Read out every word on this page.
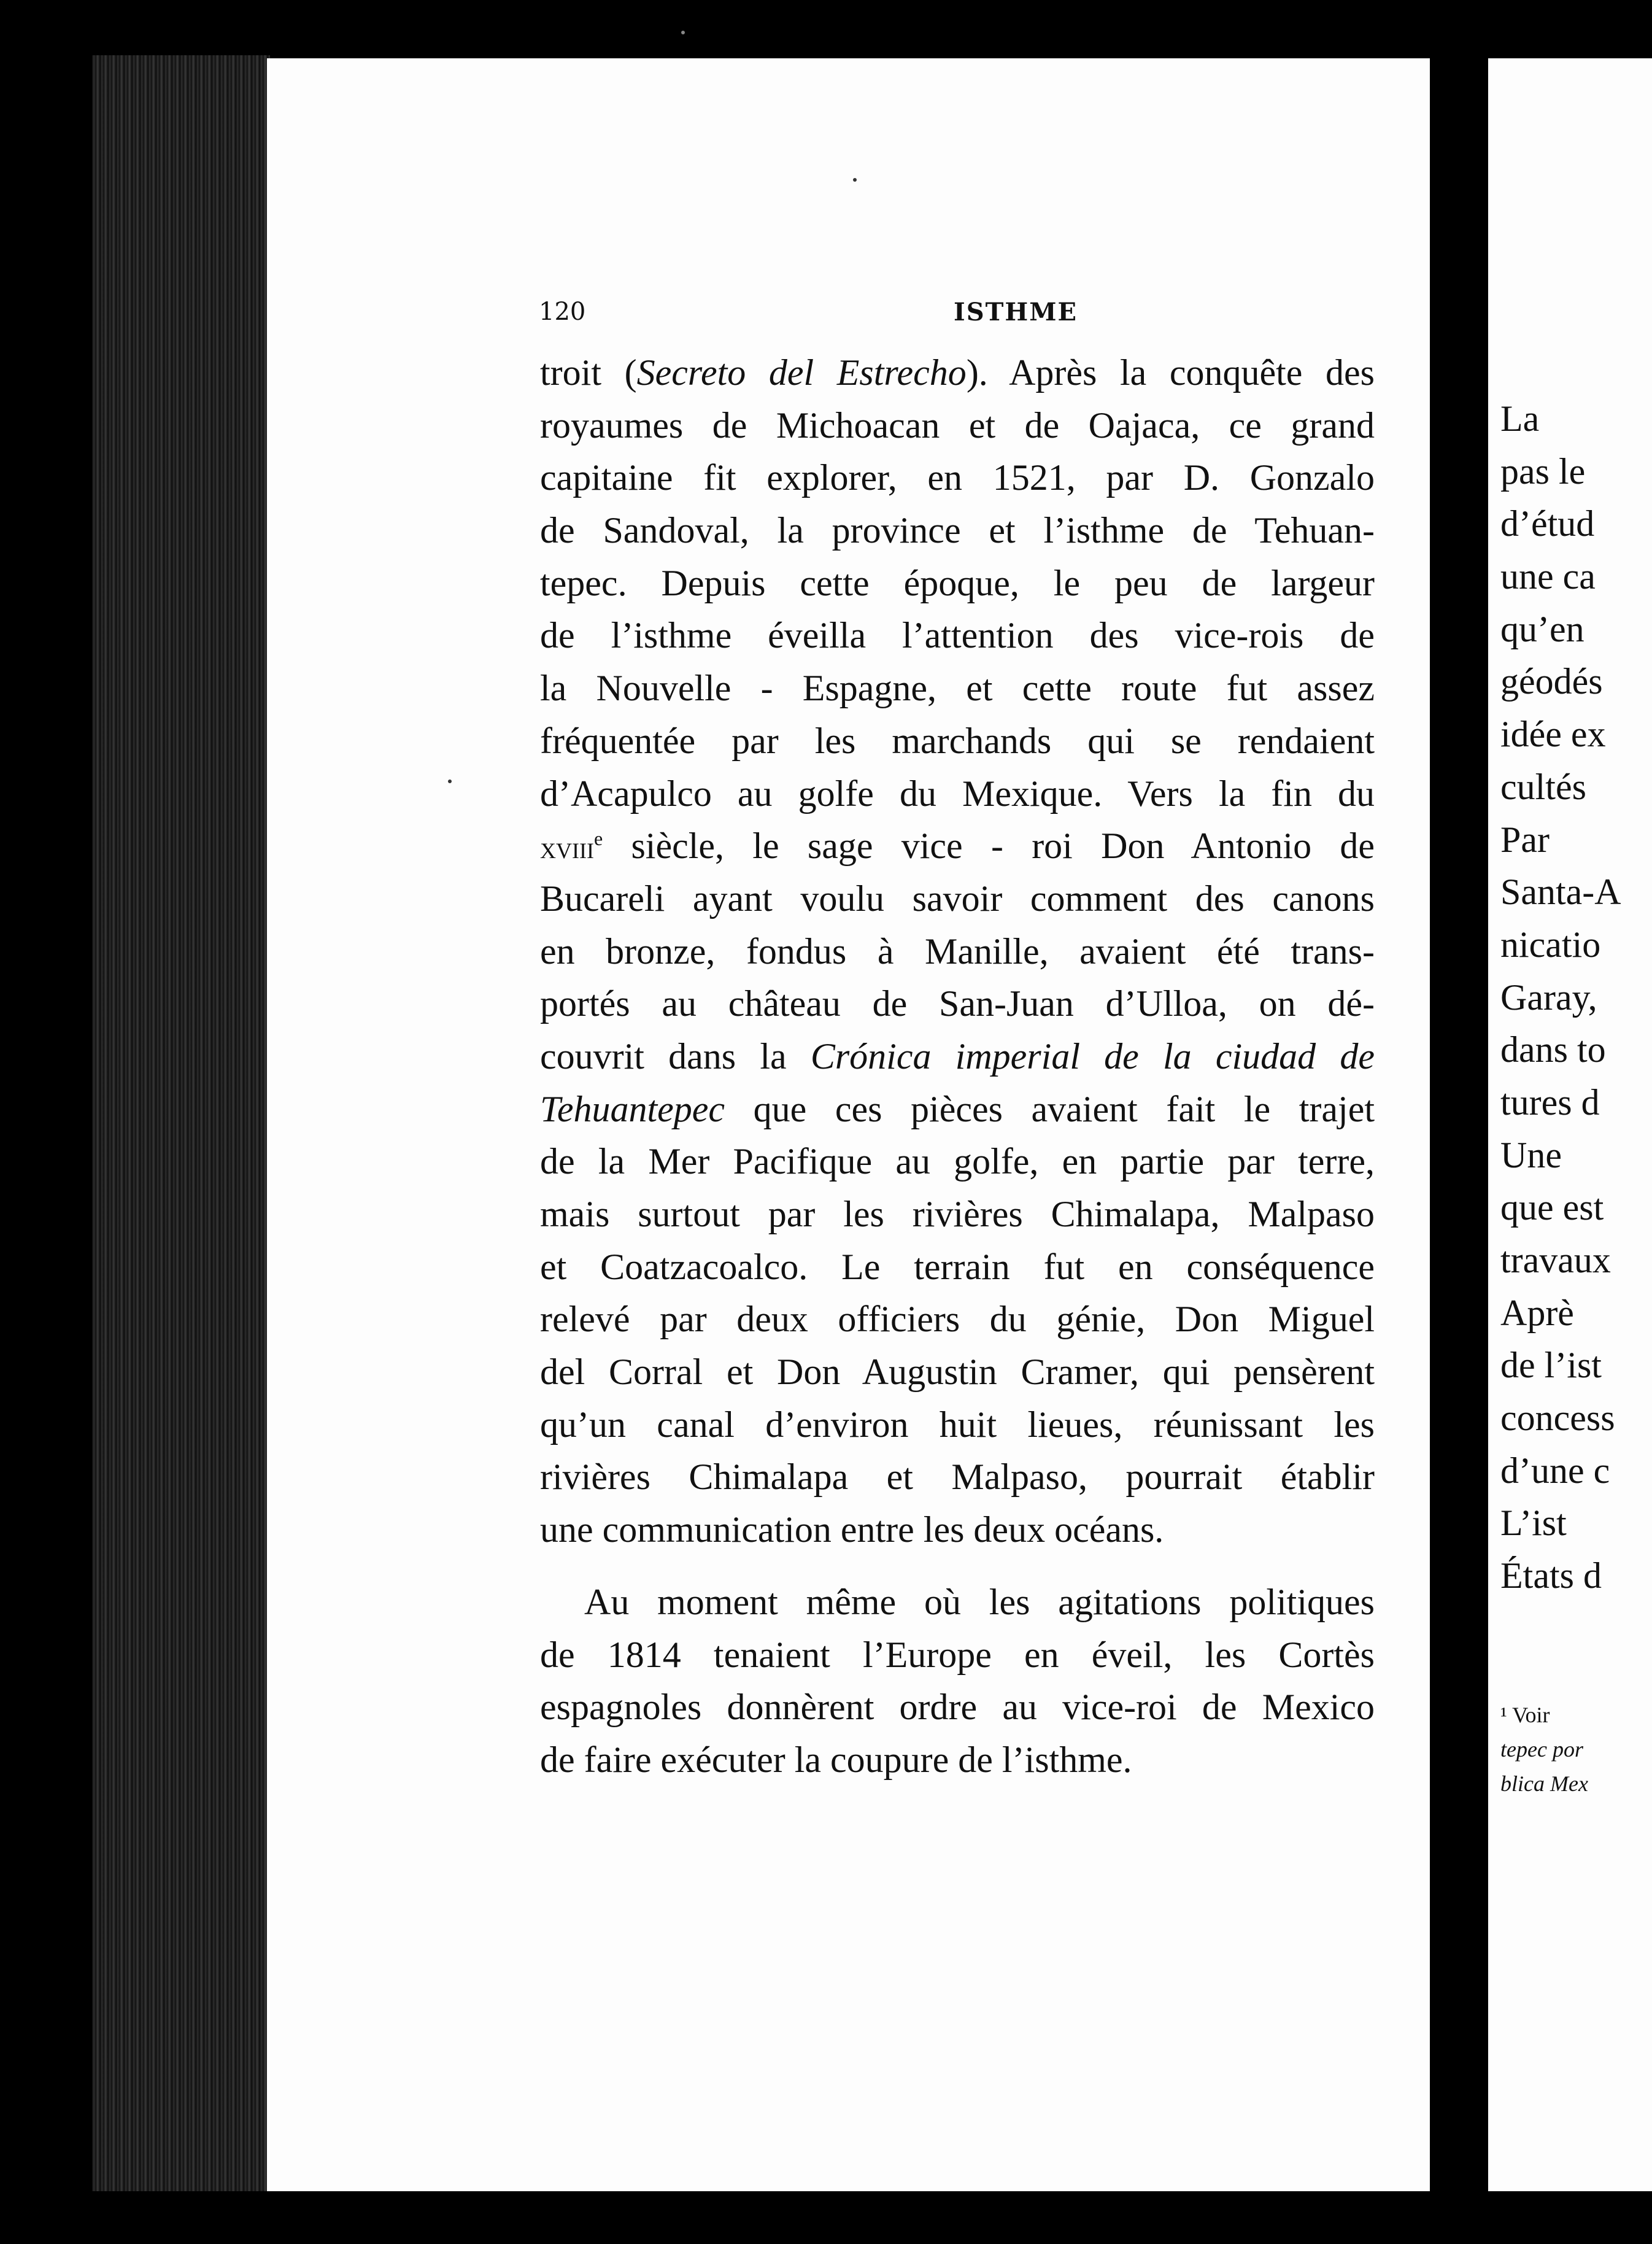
La
pas le
d’étud
une ca
qu’en
géodés
idée ex
cultés
Par
Santa-A
nicatio
Garay,
dans to
tures d
Une
que est
travaux
Aprè
de l’ist
concess
d’une c
L’ist
États d
¹ Voir
tepec por
blica Mex
120	ISTHME
troit (Secreto del Estrecho). Après la conquête des
royaumes de Michoacan et de Oajaca, ce grand
capitaine fit explorer, en 1521, par D. Gonzalo
de Sandoval, la province et l’isthme de Tehuan-
tepec. Depuis cette époque, le peu de largeur
de l’isthme éveilla l’attention des vice-rois de
la Nouvelle - Espagne, et cette route fut assez
fréquentée par les marchands qui se rendaient
d’Acapulco au golfe du Mexique. Vers la fin du
xviii$^e$ siècle, le sage vice - roi Don Antonio de
Bucareli ayant voulu savoir comment des canons
en bronze, fondus à Manille, avaient été trans-
portés au château de San-Juan d’Ulloa, on dé-
couvrit dans la Crónica imperial de la ciudad de
Tehuantepec que ces pièces avaient fait le trajet
de la Mer Pacifique au golfe, en partie par terre,
mais surtout par les rivières Chimalapa, Malpaso
et Coatzacoalco. Le terrain fut en conséquence
relevé par deux officiers du génie, Don Miguel
del Corral et Don Augustin Cramer, qui pensèrent
qu’un canal d’environ huit lieues, réunissant les
rivières Chimalapa et Malpaso, pourrait établir
une communication entre les deux océans.
Au moment même où les agitations politiques
de 1814 tenaient l’Europe en éveil, les Cortès
espagnoles donnèrent ordre au vice-roi de Mexico
de faire exécuter la coupure de l’isthme.
